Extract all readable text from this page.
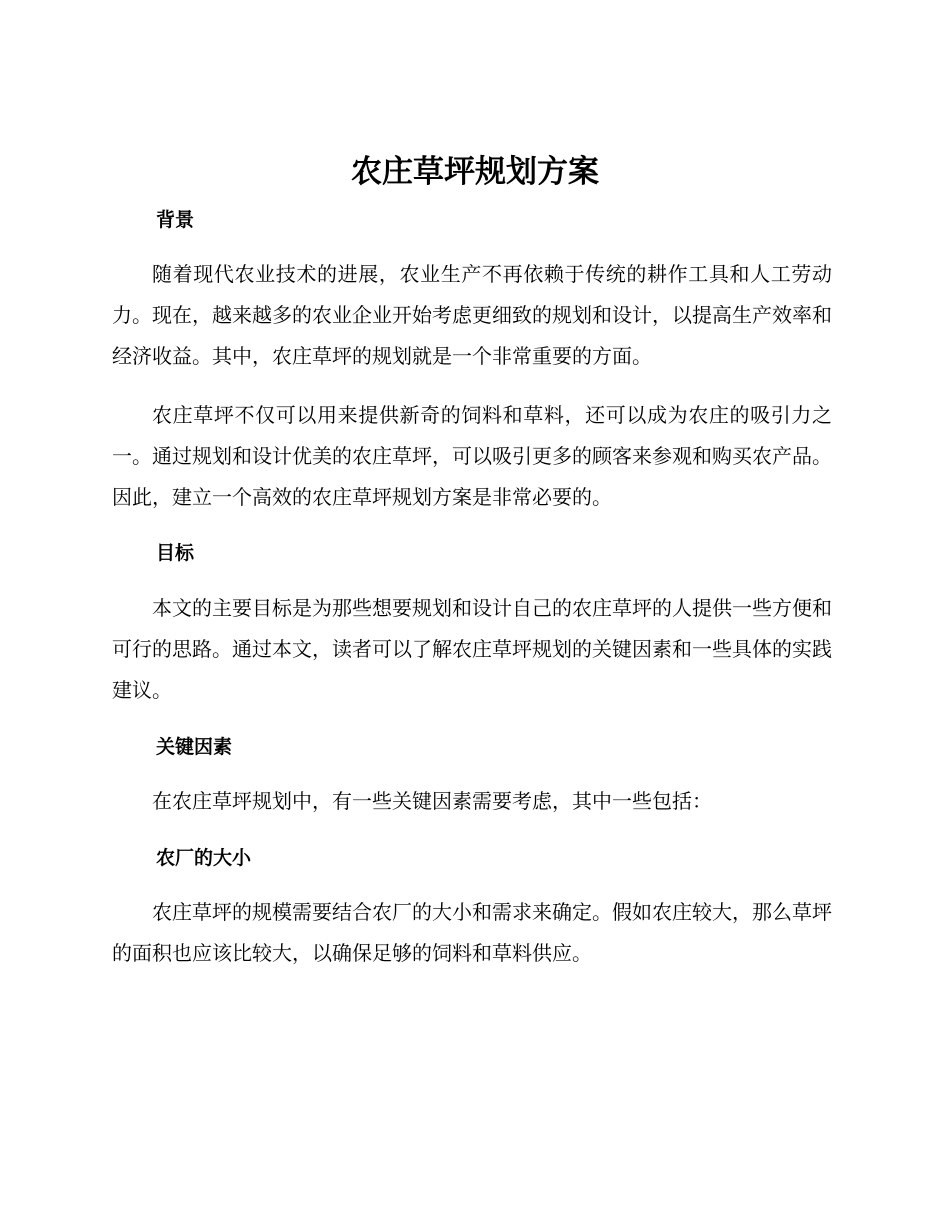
农庄草坪规划方案
背景

随着现代农业技术的进展，农业生产不再依赖于传统的耕作工具和人工劳动力。现在，越来越多的农业企业开始考虑更细致的规划和设计，以提高生产效率和经济收益。其中，农庄草坪的规划就是一个非常重要的方面。

农庄草坪不仅可以用来提供新奇的饲料和草料，还可以成为农庄的吸引力之一。通过规划和设计优美的农庄草坪，可以吸引更多的顾客来参观和购买农产品。因此，建立一个高效的农庄草坪规划方案是非常必要的。

目标

本文的主要目标是为那些想要规划和设计自己的农庄草坪的人提供一些方便和可行的思路。通过本文，读者可以了解农庄草坪规划的关键因素和一些具体的实践建议。

关键因素

在农庄草坪规划中，有一些关键因素需要考虑，其中一些包括：

农厂的大小

农庄草坪的规模需要结合农厂的大小和需求来确定。假如农庄较大，那么草坪的面积也应该比较大，以确保足够的饲料和草料供应。
